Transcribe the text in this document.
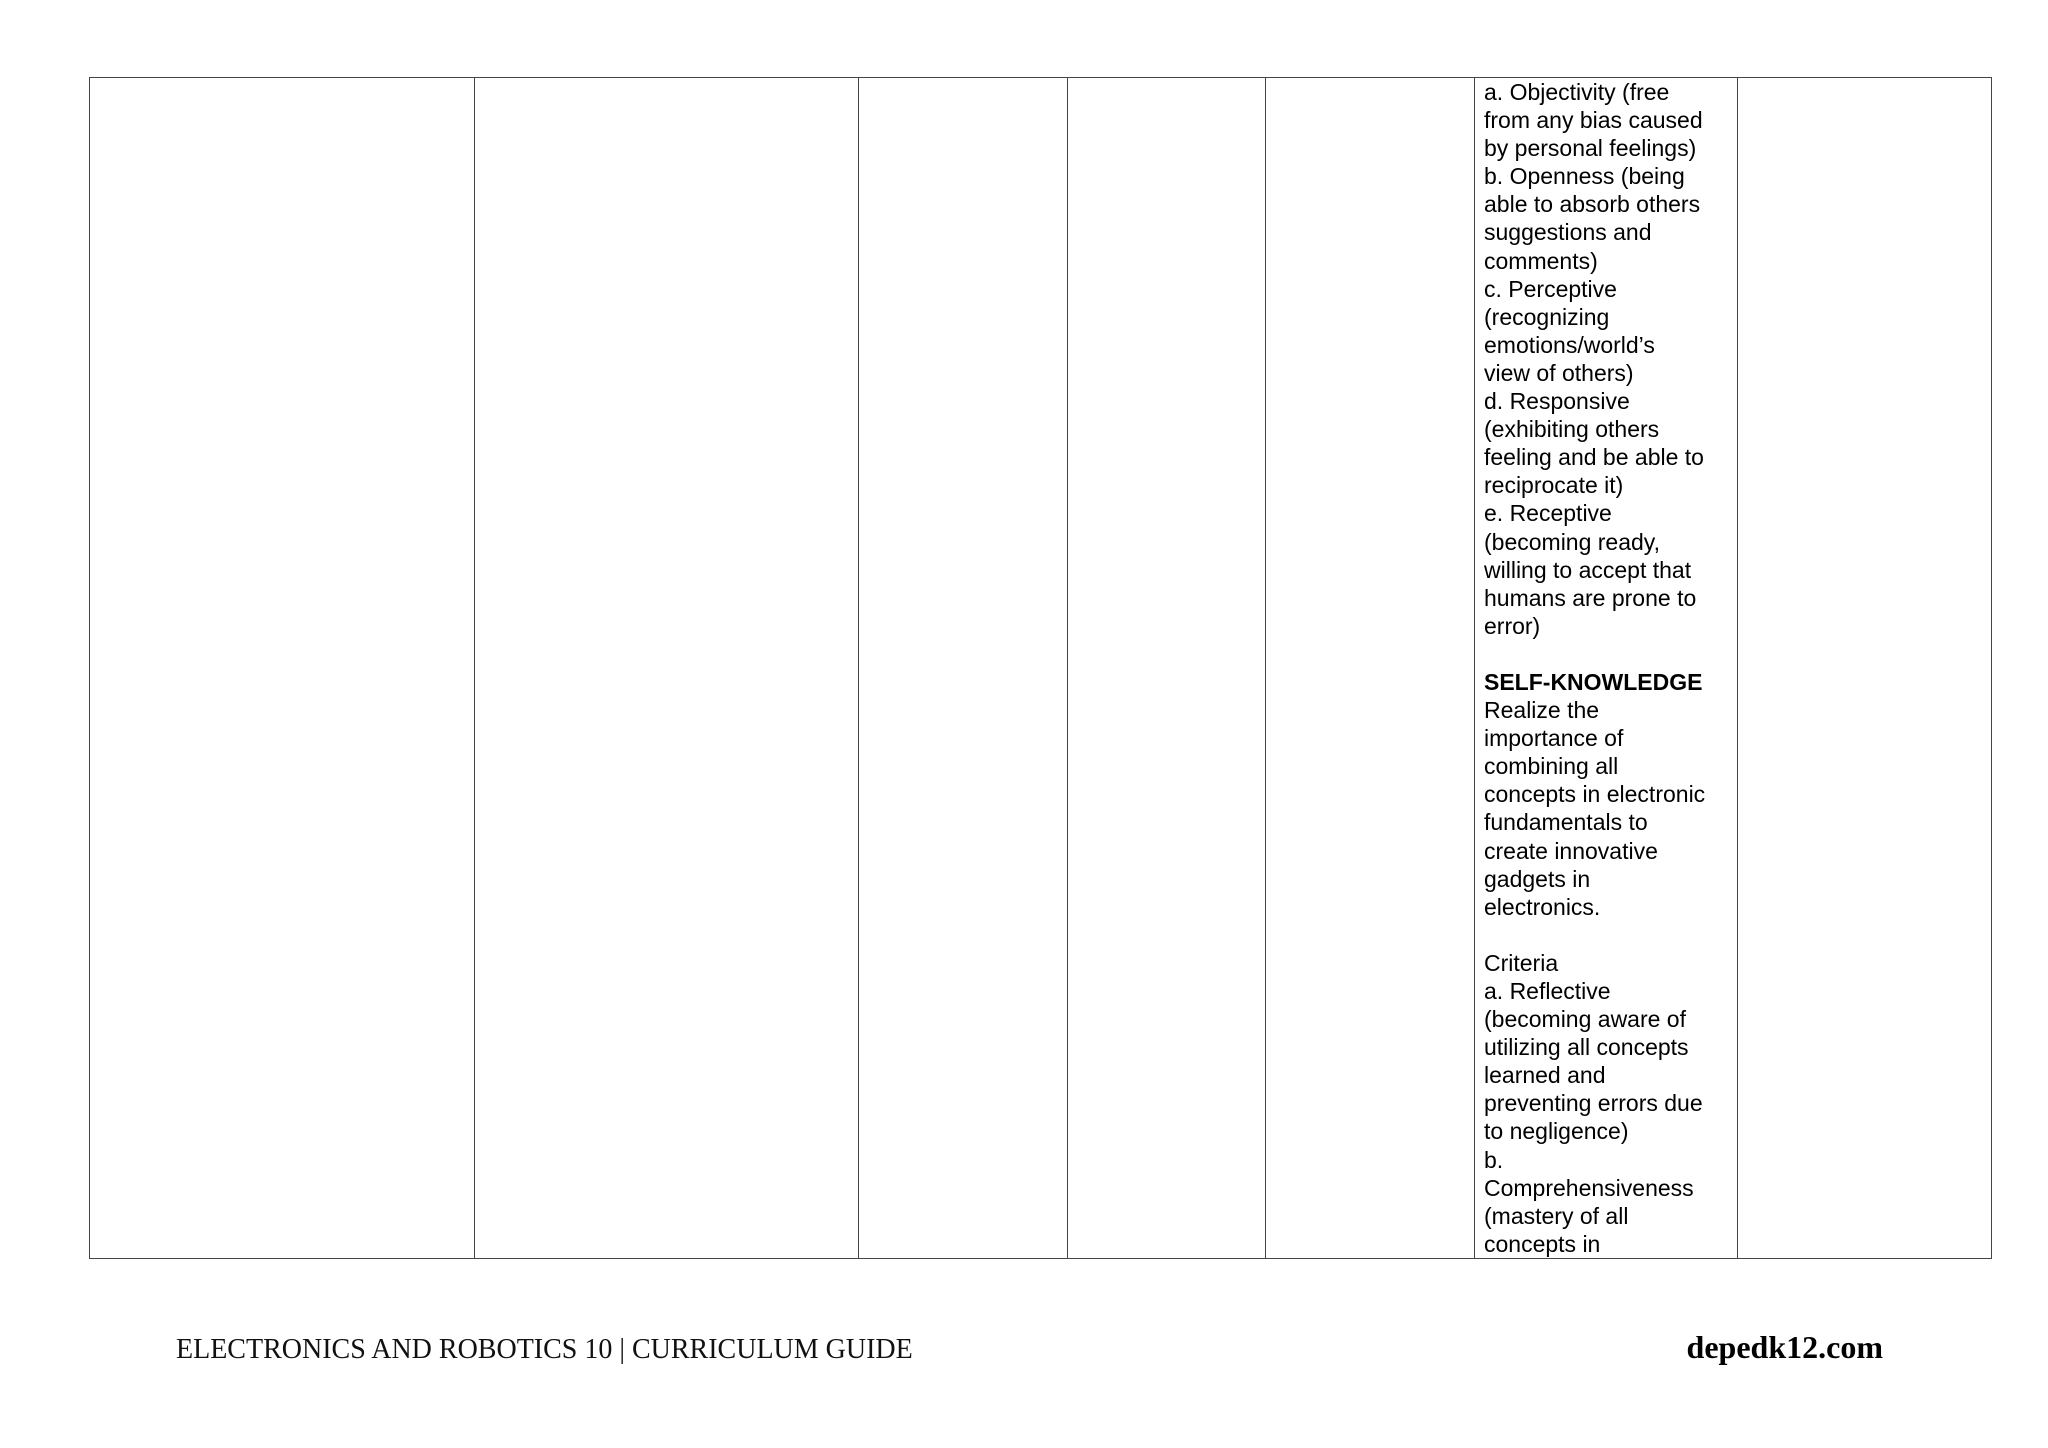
a. Objectivity (free
from any bias caused
by personal feelings)
b. Openness (being
able to absorb others
suggestions and
comments)
c. Perceptive
(recognizing
emotions/world’s
view of others)
d. Responsive
(exhibiting others
feeling and be able to
reciprocate it)
e. Receptive
(becoming ready,
willing to accept that
humans are prone to
error)
SELF-KNOWLEDGE
Realize the
importance of
combining all
concepts in electronic
fundamentals to
create innovative
gadgets in
electronics.
Criteria
a. Reflective
(becoming aware of
utilizing all concepts
learned and
preventing errors due
to negligence)
b.
Comprehensiveness
(mastery of all
concepts in
ELECTRONICS AND ROBOTICS 10 | CURRICULUM GUIDE	depedk12.com
